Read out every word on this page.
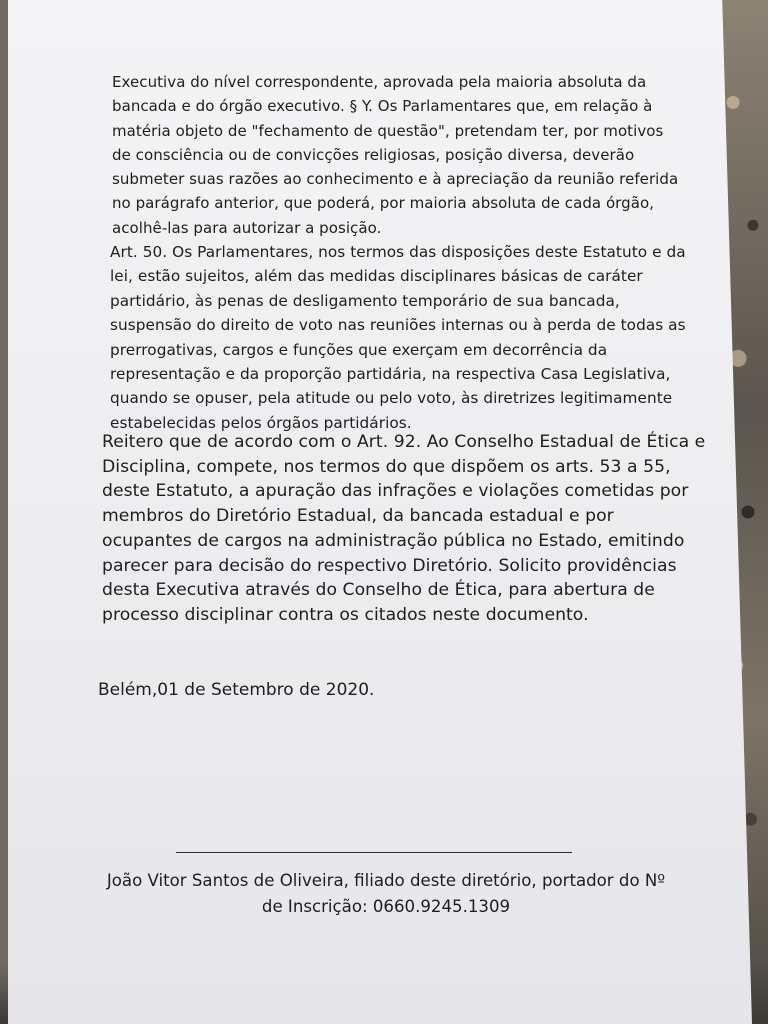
Executiva do nível correspondente, aprovada pela maioria absoluta da
bancada e do órgão executivo. § Y. Os Parlamentares que, em relação à
matéria objeto de "fechamento de questão", pretendam ter, por motivos
de consciência ou de convicções religiosas, posição diversa, deverão
submeter suas razões ao conhecimento e à apreciação da reunião referida
no parágrafo anterior, que poderá, por maioria absoluta de cada órgão,
acolhê-las para autorizar a posição.

Art. 50. Os Parlamentares, nos termos das disposições deste Estatuto e da
lei, estão sujeitos, além das medidas disciplinares básicas de caráter
partidário, às penas de desligamento temporário de sua bancada,
suspensão do direito de voto nas reuniões internas ou à perda de todas as
prerrogativas, cargos e funções que exerçam em decorrência da
representação e da proporção partidária, na respectiva Casa Legislativa,
quando se opuser, pela atitude ou pelo voto, às diretrizes legitimamente
estabelecidas pelos órgãos partidários.

Reitero que de acordo com o Art. 92. Ao Conselho Estadual de Ética e
Disciplina, compete, nos termos do que dispõem os arts. 53 a 55,
deste Estatuto, a apuração das infrações e violações cometidas por
membros do Diretório Estadual, da bancada estadual e por
ocupantes de cargos na administração pública no Estado, emitindo
parecer para decisão do respectivo Diretório. Solicito providências
desta Executiva através do Conselho de Ética, para abertura de
processo disciplinar contra os citados neste documento.

Belém,01 de Setembro de 2020.
João Vitor Santos de Oliveira, filiado deste diretório, portador do Nº
de Inscrição: 0660.9245.1309
